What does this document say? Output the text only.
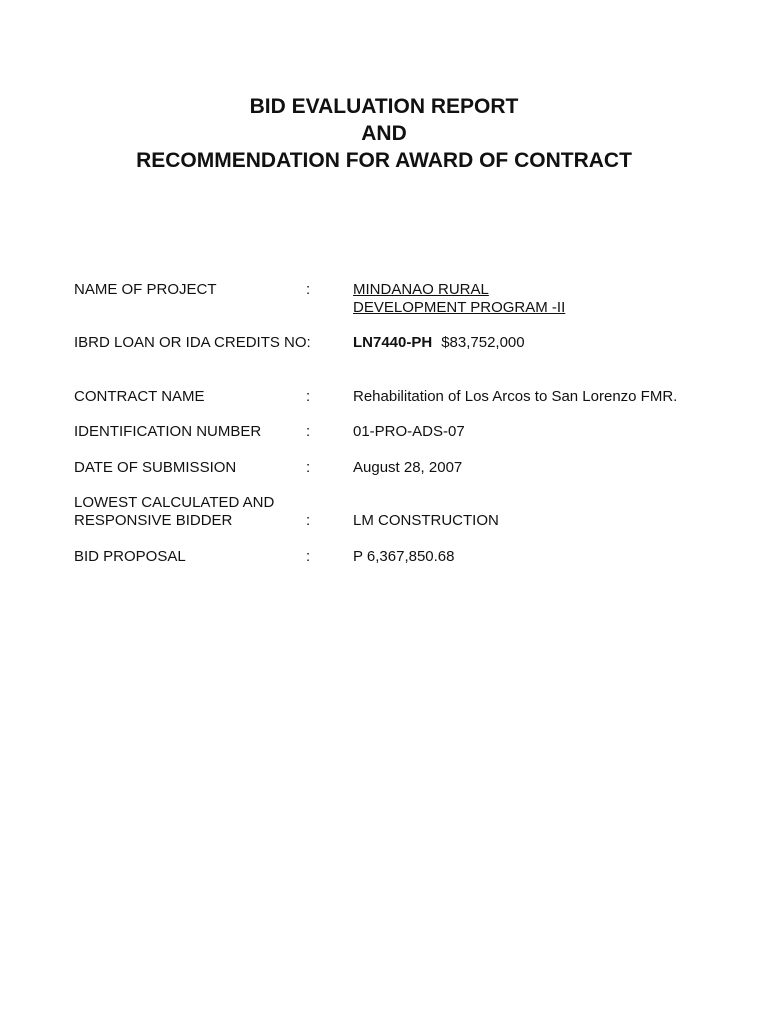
BID EVALUATION REPORT
AND
RECOMMENDATION FOR AWARD OF CONTRACT
NAME OF PROJECT	:	MINDANAO RURAL
DEVELOPMENT PROGRAM -II
IBRD LOAN OR IDA CREDITS NO:	LN7440-PH $83,752,000
CONTRACT NAME	:	Rehabilitation of Los Arcos to San Lorenzo FMR.
IDENTIFICATION NUMBER	:	01-PRO-ADS-07
DATE OF SUBMISSION	:	August 28, 2007
LOWEST CALCULATED AND
RESPONSIVE BIDDER	:	LM CONSTRUCTION
BID PROPOSAL	:	P 6,367,850.68
